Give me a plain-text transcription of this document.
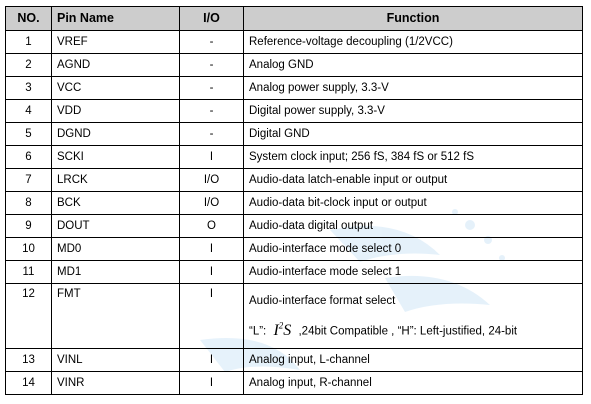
NO.	Pin Name	I/O	Function
1	VREF	-	Reference-voltage decoupling (1/2VCC)
2	AGND	-	Analog GND
3	VCC	-	Analog power supply, 3.3-V
4	VDD	-	Digital power supply, 3.3-V
5	DGND	-	Digital GND
6	SCKI	I	System clock input; 256 fS, 384 fS or 512 fS
7	LRCK	I/O	Audio-data latch-enable input or output
8	BCK	I/O	Audio-data bit-clock input or output
9	DOUT	O	Audio-data digital output
10	MD0	I	Audio-interface mode select 0
11	MD1	I	Audio-interface mode select 1
12	FMT	I	Audio-interface format select
“L”: $I^2S$ ,24bit Compatible , “H”: Left-justified, 24-bit

13	VINL	I	Analog input, L-channel
14	VINR	I	Analog input, R-channel
